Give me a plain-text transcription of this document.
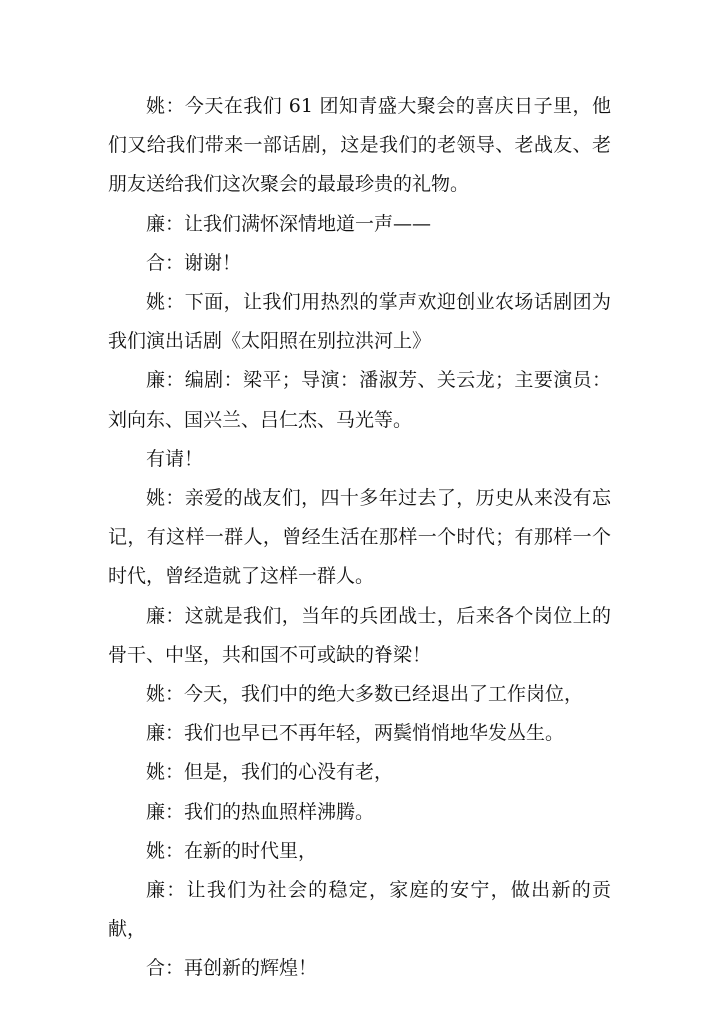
姚：今天在我们 61 团知青盛大聚会的喜庆日子里，他们又给我们带来一部话剧，这是我们的老领导、老战友、老朋友送给我们这次聚会的最最珍贵的礼物。

廉：让我们满怀深情地道一声——

合：谢谢！

姚：下面，让我们用热烈的掌声欢迎创业农场话剧团为我们演出话剧《太阳照在别拉洪河上》

廉：编剧：梁平；导演：潘淑芳、关云龙；主要演员：刘向东、国兴兰、吕仁杰、马光等。

有请！

姚：亲爱的战友们，四十多年过去了，历史从来没有忘记，有这样一群人，曾经生活在那样一个时代；有那样一个时代，曾经造就了这样一群人。

廉：这就是我们，当年的兵团战士，后来各个岗位上的骨干、中坚，共和国不可或缺的脊梁！

姚：今天，我们中的绝大多数已经退出了工作岗位，

廉：我们也早已不再年轻，两鬓悄悄地华发丛生。

姚：但是，我们的心没有老，

廉：我们的热血照样沸腾。

姚：在新的时代里，

廉：让我们为社会的稳定，家庭的安宁，做出新的贡献，

合：再创新的辉煌！
